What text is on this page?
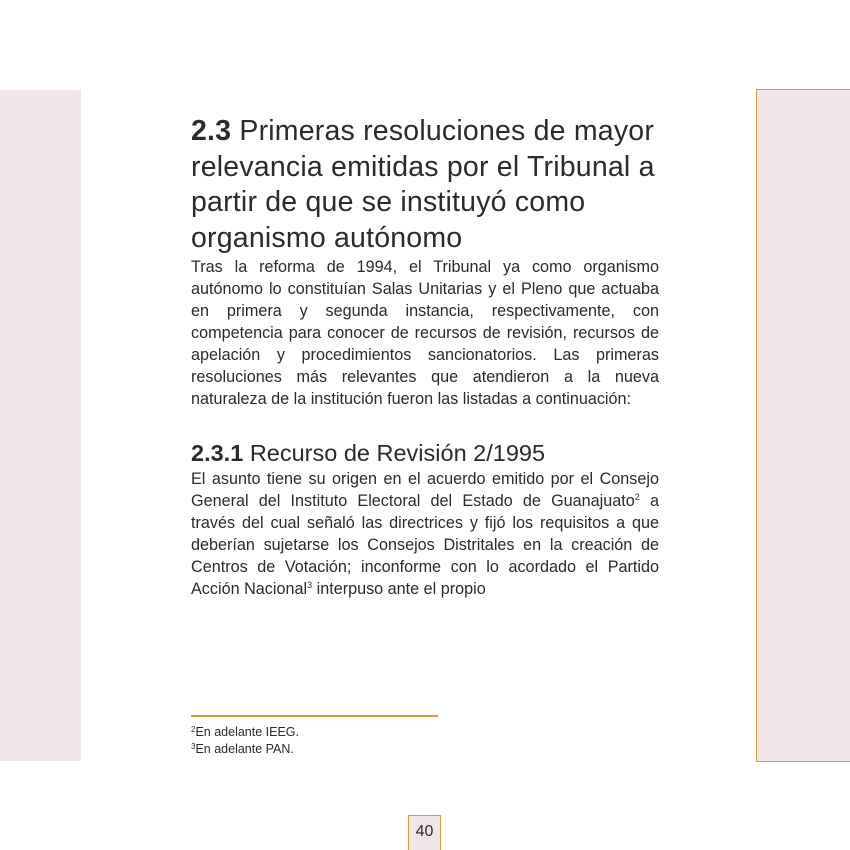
2.3 Primeras resoluciones de mayor relevancia emitidas por el Tribunal a partir de que se instituyó como organismo autónomo

Tras la reforma de 1994, el Tribunal ya como organismo autónomo lo constituían Salas Unitarias y el Pleno que actuaba en primera y segunda instancia, respectivamente, con competencia para conocer de recursos de revisión, recursos de apelación y procedimientos sancionatorios. Las primeras resoluciones más relevantes que atendieron a la nueva naturaleza de la institución fueron las listadas a continuación:

2.3.1 Recurso de Revisión 2/1995

El asunto tiene su origen en el acuerdo emitido por el Consejo General del Instituto Electoral del Estado de Guanajuato$^2$ a través del cual señaló las directrices y fijó los requisitos a que deberían sujetarse los Consejos Distritales en la creación de Centros de Votación; inconforme con lo acordado el Partido Acción Nacional$^3$ interpuso ante el propio

$^2$En adelante IEEG.
$^3$En adelante PAN.
40
